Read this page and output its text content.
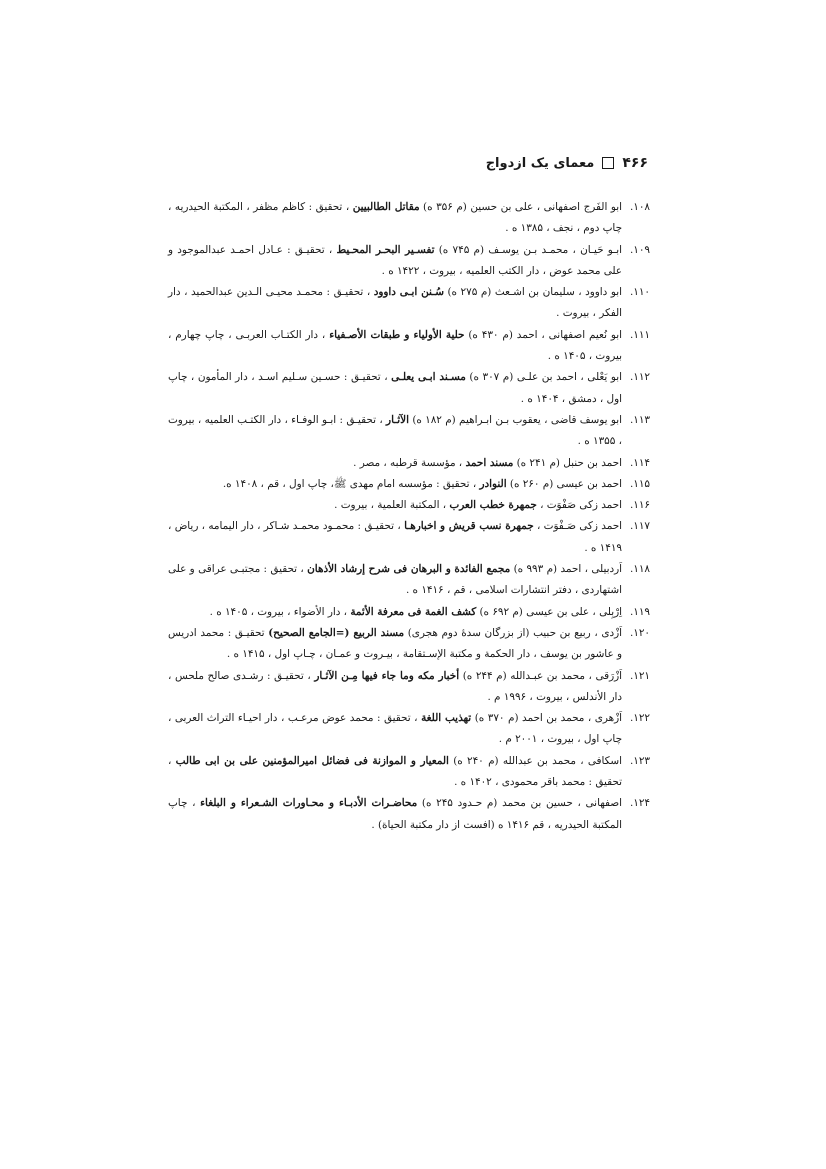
۴۶۶
معمای یک ازدواج
۱۰۸.
ابو الفَرج اصفهانی ، علی بن حسین (م ۳۵۶ ه) مقاتل الطالبیین ، تحقیق : کاظم مظفر ، المکتبة الحیدریه ، چاپ دوم ، نجف ، ۱۳۸۵ ه .
۱۰۹.
ابـو حَیـان ، محمـد بـن یوسـف (م ۷۴۵ ه) تفسـیر البحـر المحـیط ، تحقیـق : عـادل احمـد عبدالموجود و علی محمد عوض ، دار الکتب العلمیه ، بیروت ، ۱۴۲۲ ه .
۱۱۰.
ابو داوود ، سلیمان بن اشـعث (م ۲۷۵ ه) سُـنن ابـی داوود ، تحقیـق : محمـد محیـی الـدین عبدالحمید ، دار الفکر ، بیروت .
۱۱۱.
ابو نُعیم اصفهانی ، احمد (م ۴۳۰ ه) حلیة الأولیاء و طبقات الأصـفیاء ، دار الکتـاب العربـی ، چاپ چهارم ، بیروت ، ۱۴۰۵ ه .
۱۱۲.
ابو یَعْلی ، احمد بن علـی (م ۳۰۷ ه) مسـند ابـی یعلـی ، تحقیـق : حسـین سـلیم اسـد ، دار المأمون ، چاپ اول ، دمشق ، ۱۴۰۴ ه .
۱۱۳.
ابو یوسف قاضی ، یعقوب بـن ابـراهیم (م ۱۸۲ ه) الآثـار ، تحقیـق : ابـو الوفـاء ، دار الکتـب العلمیه ، بیروت ، ۱۳۵۵ ه .
۱۱۴.
احمد بن حنبل (م ۲۴۱ ه) مسند احمد ، مؤسسة قرطبه ، مصر .
۱۱۵.
احمد بن عیسی (م ۲۶۰ ه) النوادر ، تحقیق : مؤسسه امام مهدی ﷺ، چاپ اول ، قم ، ۱۴۰۸ ه.
۱۱۶.
احمد زکی صَفْوَت ، جمهرة خطب العرب ، المکتبة العلمیة ، بیروت .
۱۱۷.
احمد زکی صَـفْوَت ، جمهرة نسب قریش و اخبارهـا ، تحقیـق : محمـود محمـد شـاکر ، دار الیمامه ، ریاض ، ۱۴۱۹ ه .
۱۱۸.
اَردبیلی ، احمد (م ۹۹۳ ه) مجمع الفائدة و البرهان فی شرح إرشاد الأذهان ، تحقیق : مجتبـی عراقی و علی اشتهاردی ، دفتر انتشارات اسلامی ، قم ، ۱۴۱۶ ه .
۱۱۹.
اِرْبِلی ، علی بن عیسی (م ۶۹۲ ه) کشف الغمة فی معرفة الأئمة ، دار الأضواء ، بیروت ، ۱۴۰۵ ه .
۱۲۰.
اَزْدی ، ربیع بن حبیب (از بزرگان سدهٔ دوم هجری) مسند الربیع (=الجامع الصحیح) تحقیـق : محمد ادریس و عاشور بن یوسف ، دار الحکمة و مکتبة الإسـتقامة ، بیـروت و عمـان ، چـاپ اول ، ۱۴۱۵ ه .
۱۲۱.
اَزْرَقی ، محمد بن عبـدالله (م ۲۴۴ ه) أخبار مکه وما جاء فیها مِـن الآثـار ، تحقیـق : رشـدی صالح ملحس ، دار الأندلس ، بیروت ، ۱۹۹۶ م .
۱۲۲.
اَزْهری ، محمد بن احمد (م ۳۷۰ ه) تهذیب اللغة ، تحقیق : محمد عوض مرعـب ، دار احیـاء التراث العربی ، چاپ اول ، بیروت ، ۲۰۰۱ م .
۱۲۳.
اسکافی ، محمد بن عبدالله (م ۲۴۰ ه) المعیار و الموازنة فی فضائل امیرالمؤمنین علی بن ابی طالب ، تحقیق : محمد باقر محمودی ، ۱۴۰۲ ه .
۱۲۴.
اصفهانی ، حسین بن محمد (م حـدود ۲۴۵ ه) محاضـرات الأدبـاء و محـاورات الشـعراء و البلغاء ، چاپ المکتبة الحیدریه ، قم ۱۴۱۶ ه (افست از دار مکتبة الحیاة) .
